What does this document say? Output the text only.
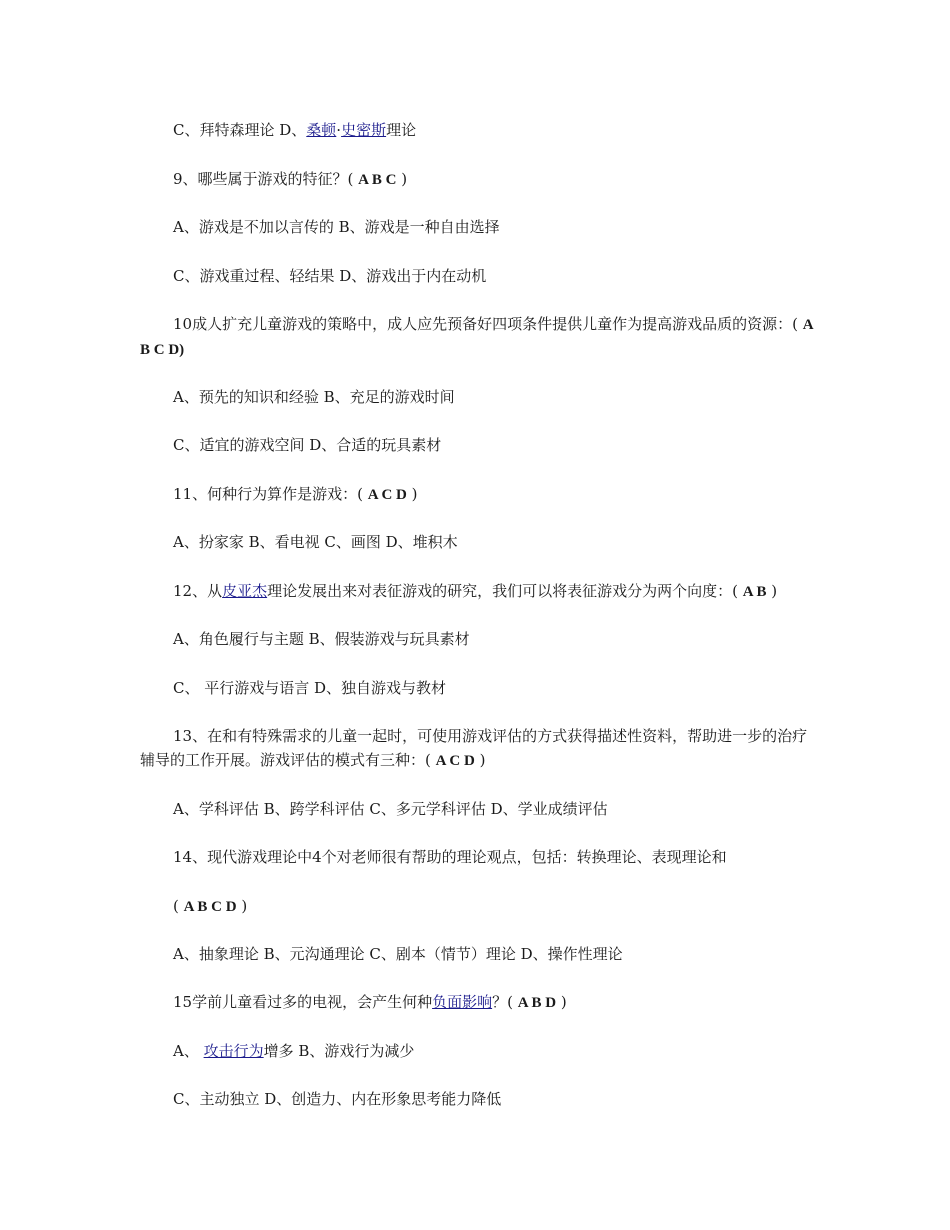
C、拜特森理论 D、桑顿·史密斯理论

9、哪些属于游戏的特征？( A B C )

A、游戏是不加以言传的 B、游戏是一种自由选择

C、游戏重过程、轻结果 D、游戏出于内在动机

10成人扩充儿童游戏的策略中，成人应先预备好四项条件提供儿童作为提高游戏品质的资源：( A B C D)

A、预先的知识和经验 B、充足的游戏时间

C、适宜的游戏空间 D、合适的玩具素材

11、何种行为算作是游戏：( A C D )

A、扮家家 B、看电视 C、画图 D、堆积木

12、从皮亚杰理论发展出来对表征游戏的研究，我们可以将表征游戏分为两个向度：( A B )

A、角色履行与主题 B、假装游戏与玩具素材

C、 平行游戏与语言 D、独自游戏与教材

13、在和有特殊需求的儿童一起时，可使用游戏评估的方式获得描述性资料，帮助进一步的治疗辅导的工作开展。游戏评估的模式有三种：( A C D )

A、学科评估 B、跨学科评估 C、多元学科评估 D、学业成绩评估

14、现代游戏理论中4个对老师很有帮助的理论观点，包括：转换理论、表现理论和

( A B C D )

A、抽象理论 B、元沟通理论 C、剧本（情节）理论 D、操作性理论

15学前儿童看过多的电视，会产生何种负面影响？( A B D )

A、 攻击行为增多 B、游戏行为减少

C、主动独立 D、创造力、内在形象思考能力降低
